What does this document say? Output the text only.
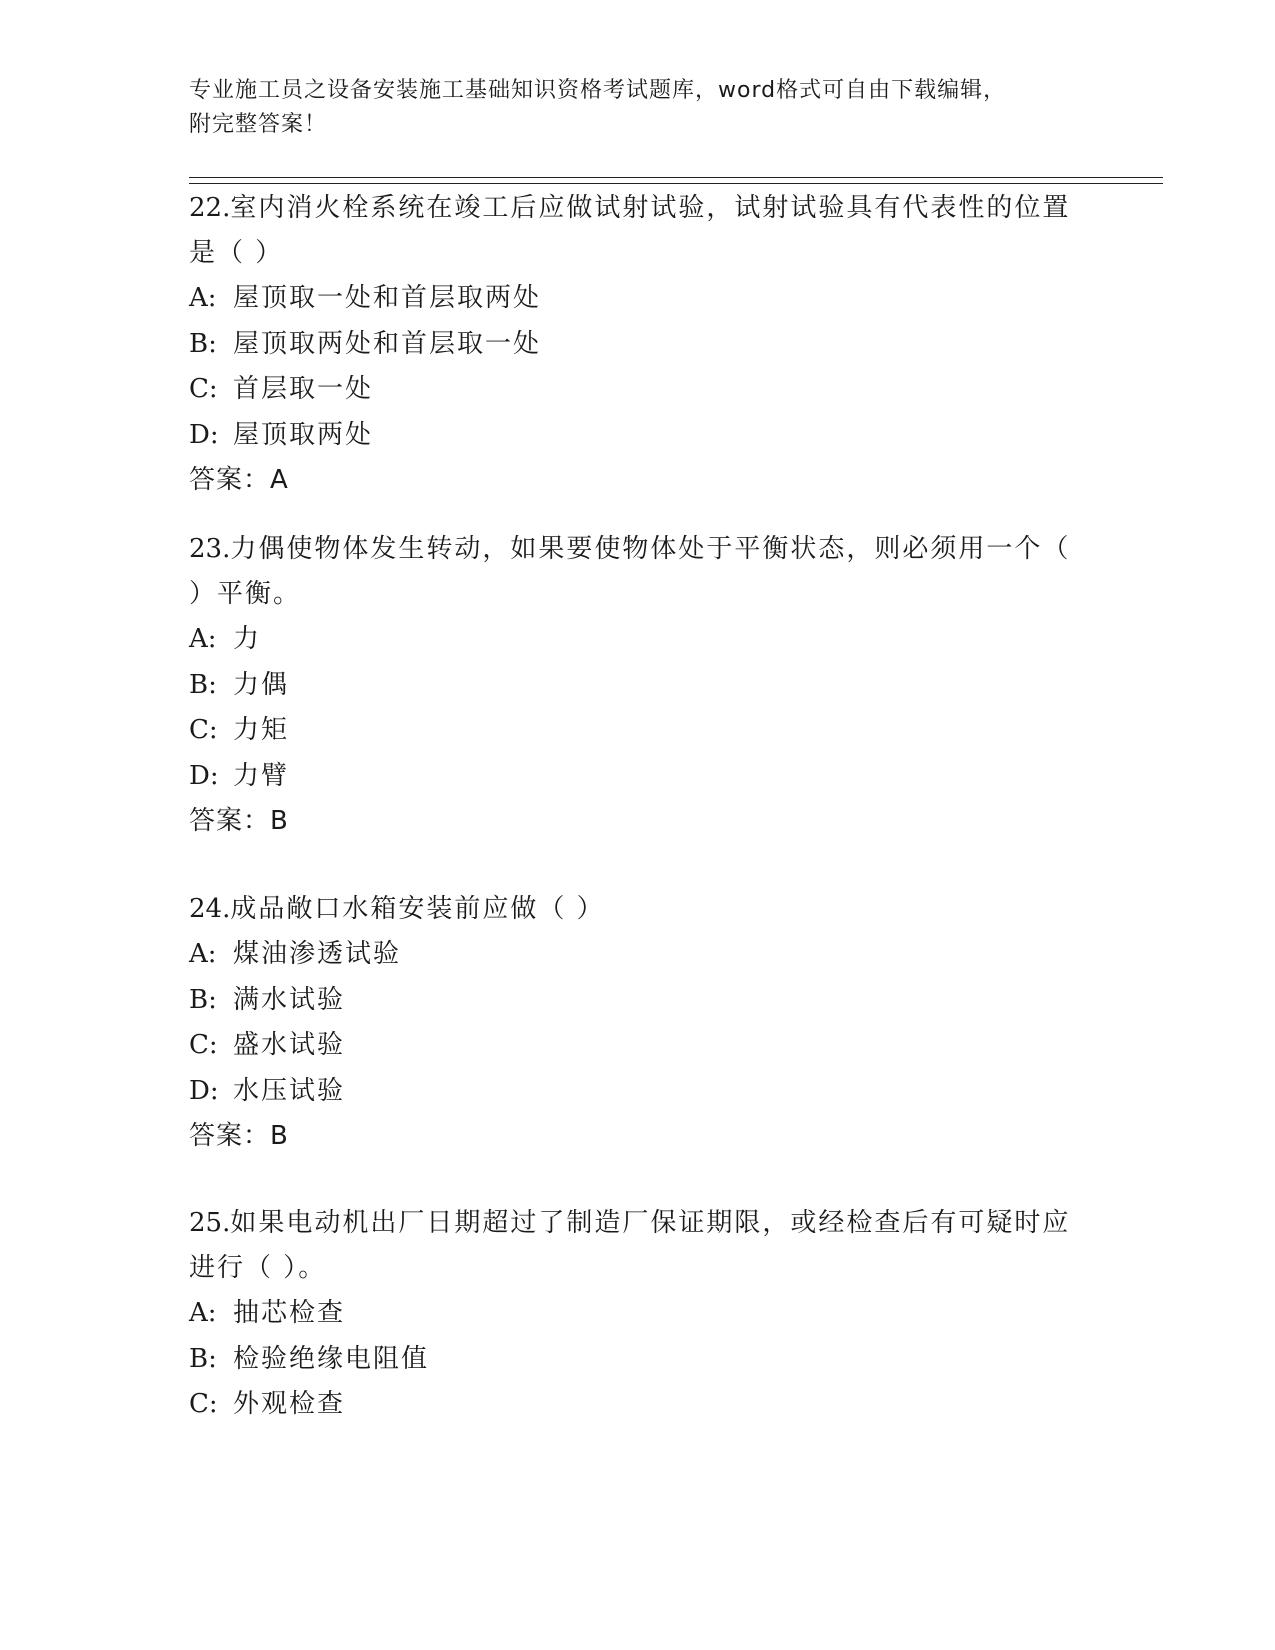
专业施工员之设备安装施工基础知识资格考试题库，word格式可自由下载编辑，
附完整答案！

22.室内消火栓系统在竣工后应做试射试验，试射试验具有代表性的位置是（ ）

A: 屋顶取一处和首层取两处
B: 屋顶取两处和首层取一处
C: 首层取一处
D: 屋顶取两处
答案：A

23.力偶使物体发生转动，如果要使物体处于平衡状态，则必须用一个（ ）平衡。

A: 力
B: 力偶
C: 力矩
D: 力臂
答案：B

24.成品敞口水箱安装前应做（ ）

A: 煤油渗透试验
B: 满水试验
C: 盛水试验
D: 水压试验
答案：B

25.如果电动机出厂日期超过了制造厂保证期限，或经检查后有可疑时应进行（ ）。

A: 抽芯检查
B: 检验绝缘电阻值
C: 外观检查
